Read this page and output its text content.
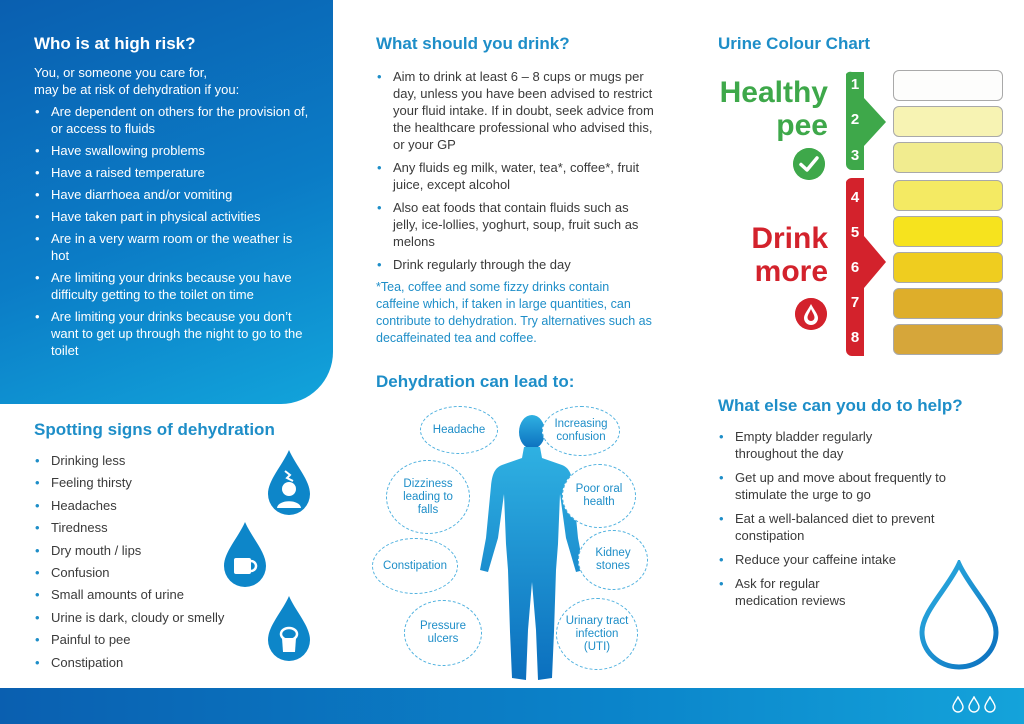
Who is at high risk?

You, or someone you care for,
may be at risk of dehydration if you:

• Are dependent on others for the provision of, or access to fluids
• Have swallowing problems
• Have a raised temperature
• Have diarrhoea and/or vomiting
• Have taken part in physical activities
• Are in a very warm room or the weather is hot
• Are limiting your drinks because you have difficulty getting to the toilet on time
• Are limiting your drinks because you don’t want to get up through the night to go to the toilet
Spotting signs of dehydration
• Drinking less
• Feeling thirsty
• Headaches
• Tiredness
• Dry mouth / lips
• Confusion
• Small amounts of urine
• Urine is dark, cloudy or smelly
• Painful to pee
• Constipation
What should you drink?
• Aim to drink at least 6 – 8 cups or mugs per day, unless you have been advised to restrict your fluid intake. If in doubt, seek advice from the healthcare professional who advised this, or your GP
• Any fluids eg milk, water, tea*, coffee*, fruit juice, except alcohol
• Also eat foods that contain fluids such as jelly, ice-lollies, yoghurt, soup, fruit such as melons
• Drink regularly through the day

*Tea, coffee and some fizzy drinks contain caffeine which, if taken in large quantities, can contribute to dehydration. Try alternatives such as decaffeinated tea and coffee.

Dehydration can lead to:
Headache	Increasing confusion
Dizziness leading to falls
Poor oral health
Constipation
Kidney stones
Pressure ulcers
Urinary tract infection (UTI)
Urine Colour Chart
Healthy
pee
Drink
more
1
2
3
4
5
6
7
8
What else can you do to help?
• Empty bladder regularly throughout the day
• Get up and move about frequently to stimulate the urge to go
• Eat a well-balanced diet to prevent constipation
• Reduce your caffeine intake
• Ask for regular medication reviews
